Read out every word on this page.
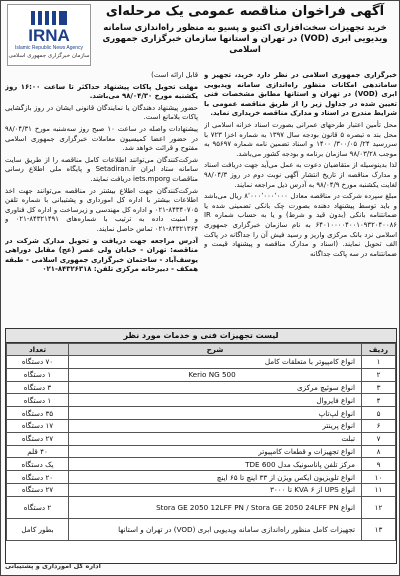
آگهی فراخوان مناقصه عمومی یک مرحله‌ای
خرید تجهیزات سخت‌افزاری اکتیو و پسیو به منظور راه‌اندازی سامانه ویدیویی ابری (VOD) در تهران و استانها سازمان خبرگزاری جمهوری اسلامی
IRNA
Islamic Republic News Agency
سازمان خبرگزاری جمهوری اسلامی

خبرگزاری جمهوری اسلامی در نظر دارد خرید، تجهیز و ساماندهی امکانات منظور راه‌اندازی سامانه ویدیویی ابری (VOD) در تهران و استانها مطابق مشخصات فنی تعیین شده در جداول زیر را از طریق مناقصه عمومی با شرایط مندرج در اسناد و مدارک مناقصه خریداری نماید.

محل تأمین اعتبار طرحهای عمرانی بصورت اسناد خزانه اسلامی از محل بند ه تبصره ۵ قانون بودجه سال ۱۳۹۷ به شماره اخزا ۷۲۳ با سررسید ۲۴/ ۳۰۰/۰۵/ ۱۴۰۰ و اسناد تضمین نامه شماره ۹۵۶۹۷ به موجب ۹۸/۰۳/۲۸ سازمان برنامه و بودجه کشور می‌باشد.

لذا بدینوسیله از متقاضیان دعوت به عمل می‌آید جهت دریافت اسناد و مدارک مناقصه از تاریخ انتشار آگهی نوبت دوم در روز ۹۸/۰۴/۳ لغایت یکشنبه مورخ ۹۸/۰۴/۹ به آدرس ذیل مراجعه نمایند.

مبلغ سپرده شرکت در مناقصه معادل ۸٬۰۰۰٬۰۰۰٬۰۰۰ ریال می‌باشد و باید توسط پیشنهاد دهنده بصورت چک بانکی تضمینی شده یا ضمانتنامه بانکی (بدون قید و شرط) و یا به حساب شماره IR ۶۴۰۱۰۰۰۰۴۰۰۱۰۹۳۲۰۴۰۰۸۶ به نام سازمان خبرگزاری جمهوری اسلامی نزد بانک مرکزی واریز و رسید فیش آن را جداگانه در پاکت الف تحویل نمایند. (اسناد و مدارک مناقصه و پیشنهاد قیمت و ضمانتنامه در سه پاکت جداگانه

قابل ارائه است)

مهلت تحویل پاکات پیشنهاد حداکثر تا ساعت ۱۶:۰۰ روز یکشنبه مورخ ۹۸/۰۴/۳۰ می‌باشد.

حضور پیشنهاد دهندگان یا نمایندگان قانونی ایشان در روز بازگشایی پاکات بلامانع است.

پیشنهادات واصله در ساعت ۱۰ صبح روز سه‌شنبه مورخ ۹۸/۰۴/۳۱ در حضور اعضا کمیسیون معاملات خبرگزاری جمهوری اسلامی مفتوح و قرائت خواهد شد.

شرکت‌کنندگان می‌توانند اطلاعات کامل مناقصه را از طریق سایت سامانه ستاد ایران Setadiran.ir و پایگاه ملی اطلاع رسانی مناقصات iets.mporg دریافت نمایند.

شرکت‌کنندگان جهت اطلاع بیشتر در مناقصه می‌توانند جهت اخذ اطلاعات بیشتر با اداره کل امورداری و پشتیبانی با شماره تلفن ۸۴۳۴۰۷۰۵-۰۲۱ و اداره کل مهندسی و زیرساخت و اداره کل فناوری و امنیت داده به ترتیب با شماره‌های ۸۴۳۲۱۴۹۱-۰۲۱ و ۸۴۳۲۱۳۶۴-۰۲۱ تماس حاصل نمایند.

آدرس مراجعه جهت دریافت و تحویل مدارک شرکت در مناقصه: تهران - خیابان ولی عصر (عج) مقابل دوراهی یوسف‌آباد - ساختمان خبرگزاری جمهوری اسلامی - طبقه همکف - دبیرخانه مرکزی تلفن: ۸۴۳۲۶۳۱۸-۰۲۱

لیست تجهیزات فنی و خدمات مورد نظر
ردیف	شرح	تعداد
۱	انواع کامپیوتر با متعلقات کامل	۷۰ دستگاه
۲	Kerio NG 500	۱ دستگاه
۳	انواع سوئیچ مرکزی	۳ دستگاه
۴	انواع فایروال	۱ دستگاه
۵	انواع لپ‌تاپ	۳۵ دستگاه
۶	انواع پرینتر	۱۷ دستگاه
۷	تبلت	۲۷ دستگاه
۸	انواع تجهیزات و قطعات کامپیوتر	۴۰ قلم
۹	مرکز تلفن پاناسونیک مدل TDE 600	یک دستگاه
۱۰	انواع تلویزیون ایکس ویژن از ۳۳ اینچ تا ۶۵ اینچ	۲۰ دستگاه
۱۱	انواع UPS از ۶ KVA تا ۳۰۰۰	۲۷ دستگاه
۱۲	انواع Stora GE 2050 12LFF PN / Stora GE 2050 24LFF PN	۲ دستگاه
۱۳	تجهیزات کامل منظور راه‌اندازی سامانه ویدیویی ابری (VOD) در تهران و استانها	بطور کامل
اداره کل امورداری و پشتیبانی
